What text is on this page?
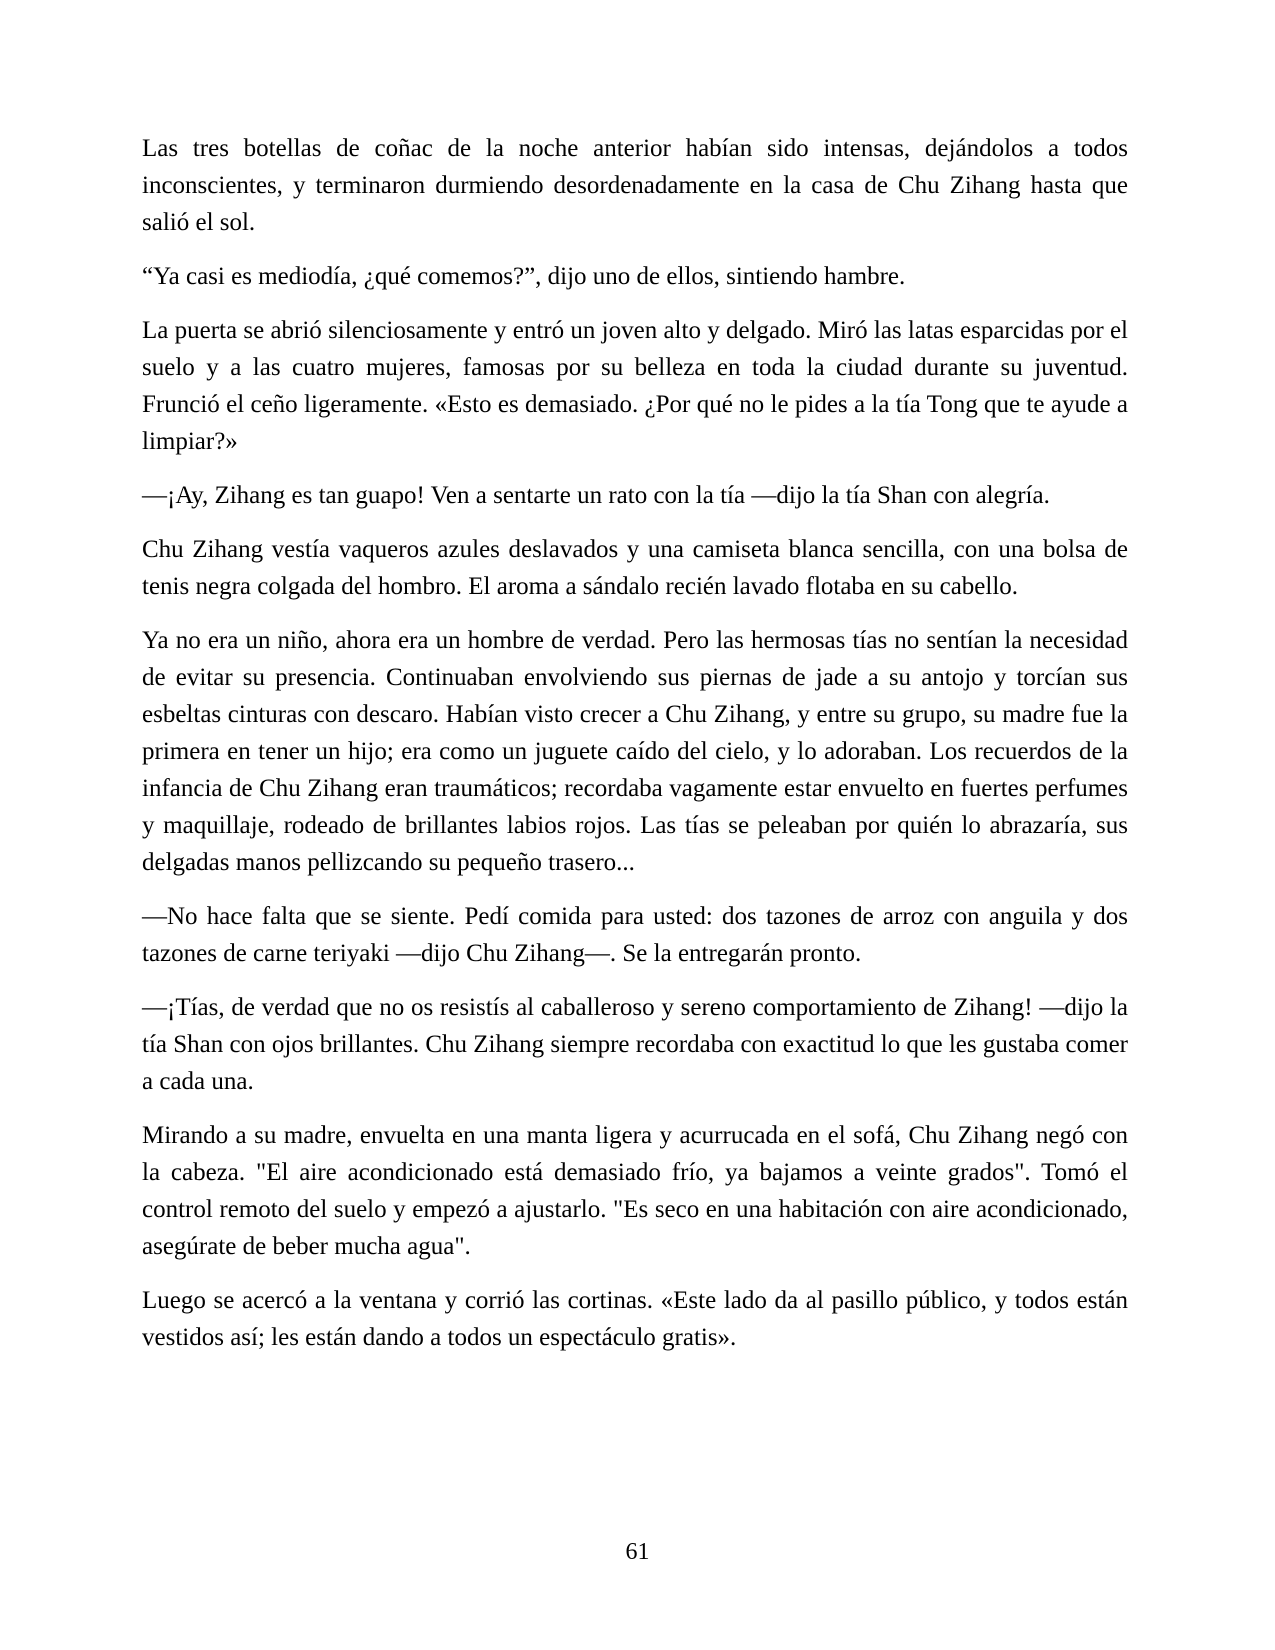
Las tres botellas de coñac de la noche anterior habían sido intensas, dejándolos a todos inconscientes, y terminaron durmiendo desordenadamente en la casa de Chu Zihang hasta que salió el sol.

“Ya casi es mediodía, ¿qué comemos?”, dijo uno de ellos, sintiendo hambre.

La puerta se abrió silenciosamente y entró un joven alto y delgado. Miró las latas esparcidas por el suelo y a las cuatro mujeres, famosas por su belleza en toda la ciudad durante su juventud. Frunció el ceño ligeramente. «Esto es demasiado. ¿Por qué no le pides a la tía Tong que te ayude a limpiar?»

—¡Ay, Zihang es tan guapo! Ven a sentarte un rato con la tía —dijo la tía Shan con alegría.

Chu Zihang vestía vaqueros azules deslavados y una camiseta blanca sencilla, con una bolsa de tenis negra colgada del hombro. El aroma a sándalo recién lavado flotaba en su cabello.

Ya no era un niño, ahora era un hombre de verdad. Pero las hermosas tías no sentían la necesidad de evitar su presencia. Continuaban envolviendo sus piernas de jade a su antojo y torcían sus esbeltas cinturas con descaro. Habían visto crecer a Chu Zihang, y entre su grupo, su madre fue la primera en tener un hijo; era como un juguete caído del cielo, y lo adoraban. Los recuerdos de la infancia de Chu Zihang eran traumáticos; recordaba vagamente estar envuelto en fuertes perfumes y maquillaje, rodeado de brillantes labios rojos. Las tías se peleaban por quién lo abrazaría, sus delgadas manos pellizcando su pequeño trasero...

—No hace falta que se siente. Pedí comida para usted: dos tazones de arroz con anguila y dos tazones de carne teriyaki —dijo Chu Zihang—. Se la entregarán pronto.

—¡Tías, de verdad que no os resistís al caballeroso y sereno comportamiento de Zihang! —dijo la tía Shan con ojos brillantes. Chu Zihang siempre recordaba con exactitud lo que les gustaba comer a cada una.

Mirando a su madre, envuelta en una manta ligera y acurrucada en el sofá, Chu Zihang negó con la cabeza. "El aire acondicionado está demasiado frío, ya bajamos a veinte grados". Tomó el control remoto del suelo y empezó a ajustarlo. "Es seco en una habitación con aire acondicionado, asegúrate de beber mucha agua".

Luego se acercó a la ventana y corrió las cortinas. «Este lado da al pasillo público, y todos están vestidos así; les están dando a todos un espectáculo gratis».

61
